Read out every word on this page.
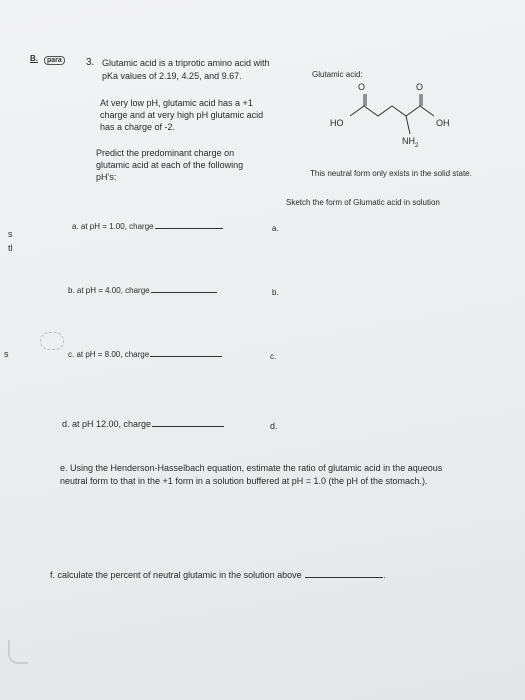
B.	para	3. Glutamic acid is a triprotic amino acid with
pKa values of 2.19, 4.25, and 9.67.
At very low pH, glutamic acid has a +1
charge and at very high pH glutamic acid
has a charge of -2.
Predict the predominant charge on
glutamic acid at each of the following
pH’s:
Glutamic acid:
O	O
HO	OH
$NH_2$
This neutral form only exists in the solid state.
Sketch the form of Glumatic acid in solution
a. at pH = 1.00, charge	a.
b. at pH = 4.00, charge	b.
c. at pH = 8.00, charge	c.
d. at pH 12.00, charge	d.
e. Using the Henderson-Hasselbach equation, estimate the ratio of glutamic acid in the aqueous
neutral form to that in the +1 form in a solution buffered at pH = 1.0 (the pH of the stomach.).
f. calculate the percent of neutral glutamic in the solution above	.
s
tl
s
